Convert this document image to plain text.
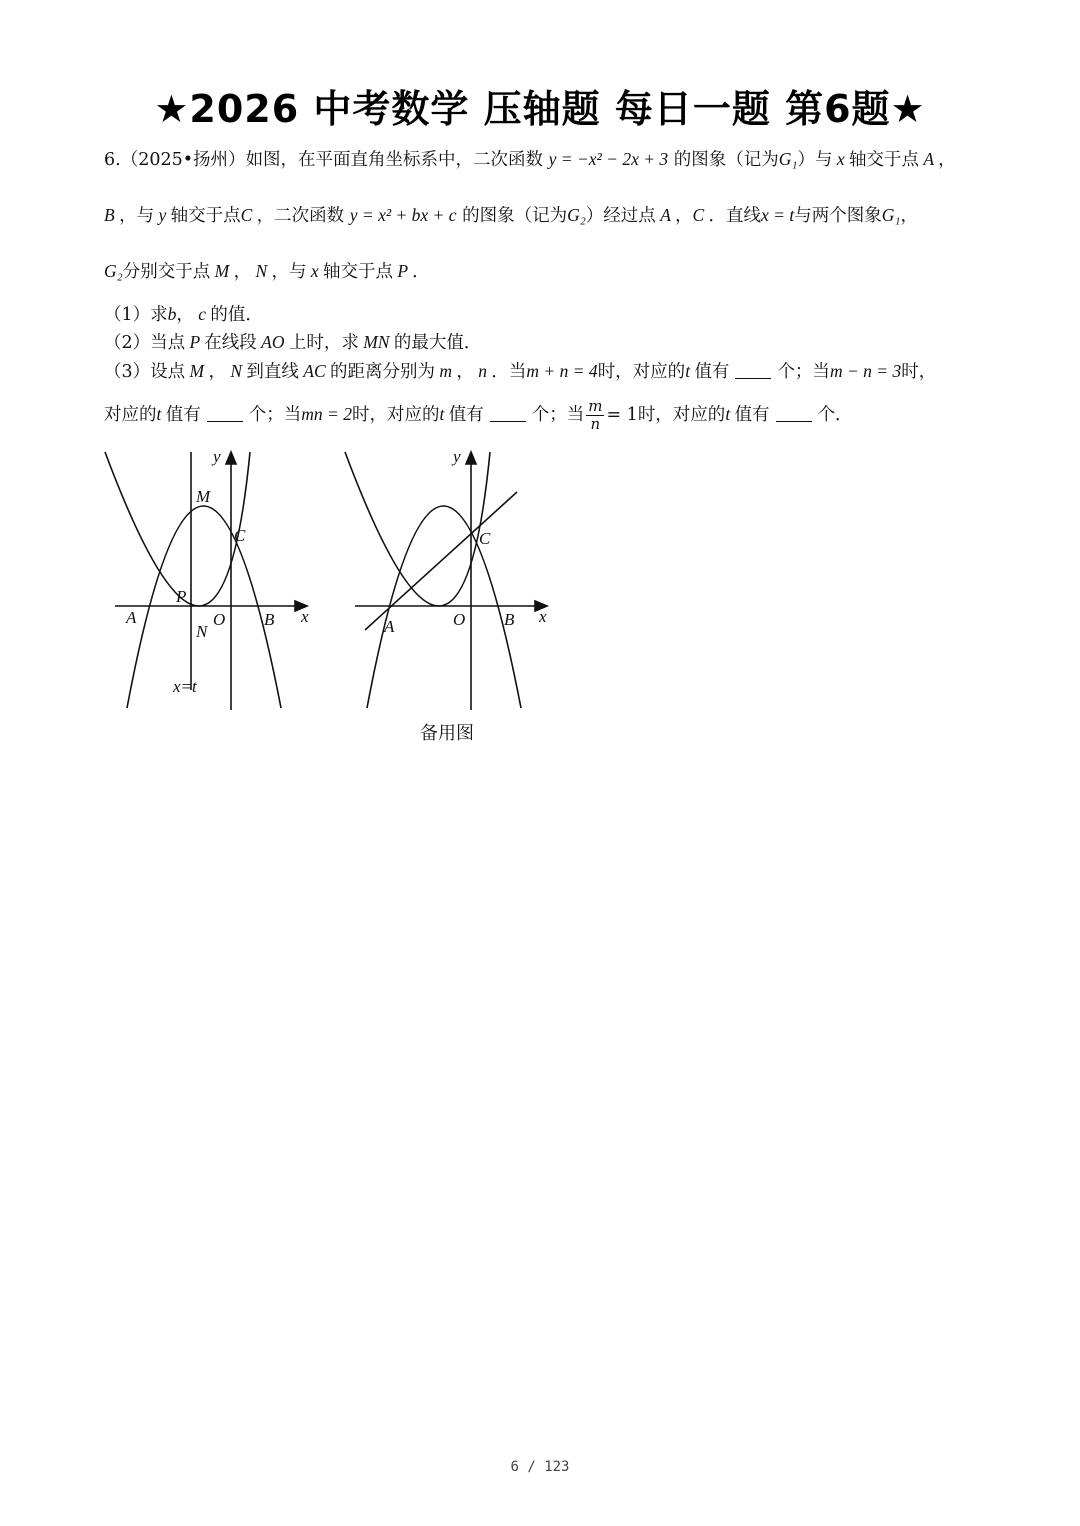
★2026 中考数学 压轴题 每日一题 第6题★
6.（2025•扬州）如图，在平面直角坐标系中，二次函数 y = −x² − 2x + 3 的图象（记为G₁）与 x 轴交于点 A ，
B ，与 y 轴交于点C ，二次函数 y = x² + bx + c 的图象（记为G₂）经过点 A ，C ．直线x = t与两个图象G₁，
G₂分别交于点 M ， N ，与 x 轴交于点 P ．
（1）求b， c 的值．
（2）当点 P 在线段 AO 上时，求 MN 的最大值．
（3）设点 M ， N 到直线 AC 的距离分别为 m ， n ．当m + n = 4时，对应的t 值有	个；当m − n = 3时，
对应的t 值有	个；当mn = 2时，对应的t 值有	个；当 $\frac{m}{n} = 1$时，对应的t 值有	个．
y
M
C
P
A
N
O B x
x=t
y
C
A	O B x
备用图
6 / 123
